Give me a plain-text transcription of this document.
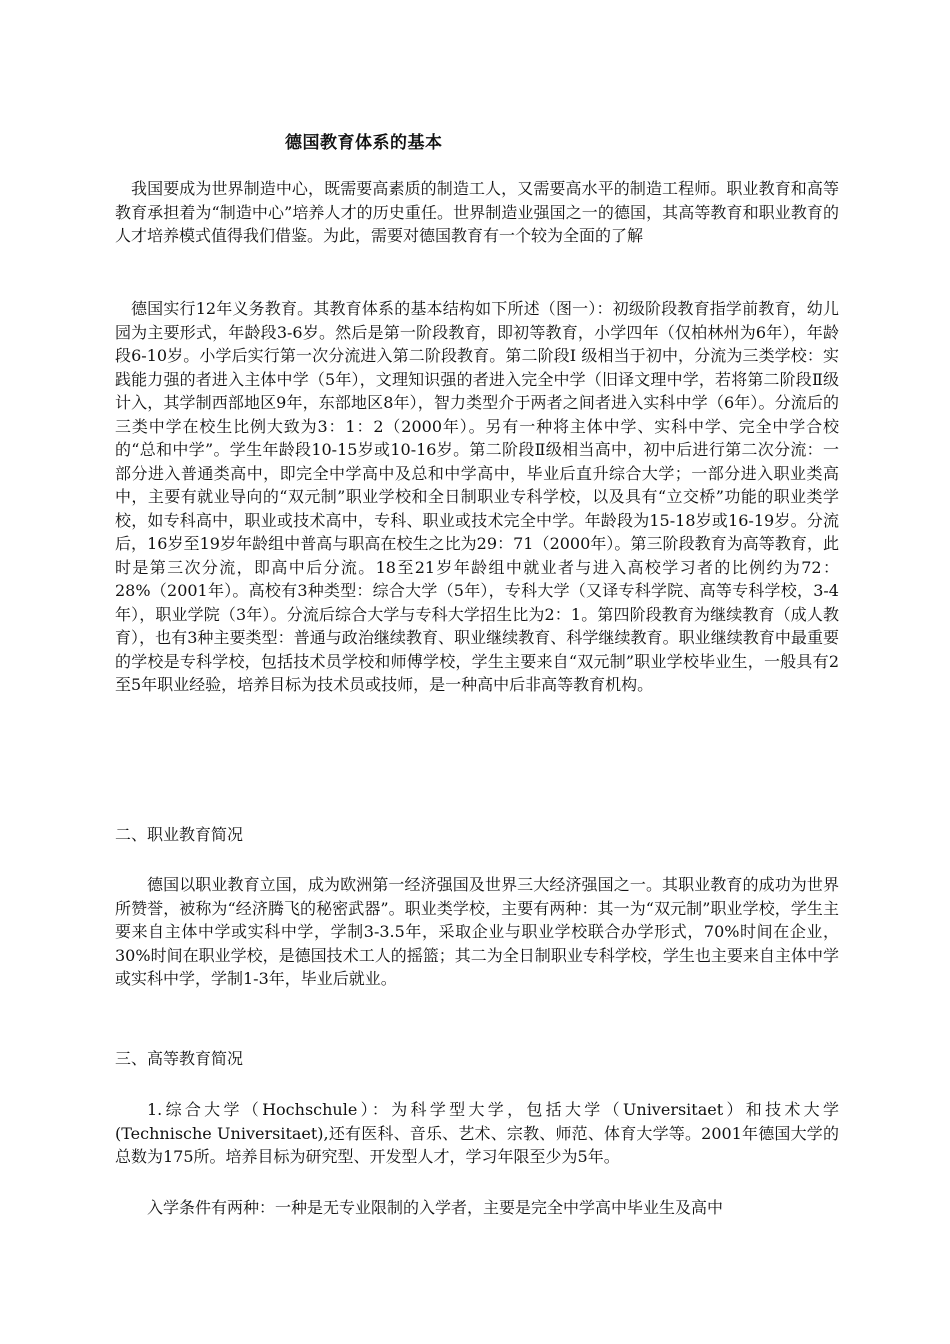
德国教育体系的基本

我国要成为世界制造中心，既需要高素质的制造工人，又需要高水平的制造工程师。职业教育和高等教育承担着为“制造中心”培养人才的历史重任。世界制造业强国之一的德国，其高等教育和职业教育的人才培养模式值得我们借鉴。为此，需要对德国教育有一个较为全面的了解

德国实行12年义务教育。其教育体系的基本结构如下所述（图一）：初级阶段教育指学前教育，幼儿园为主要形式，年龄段3-6岁。然后是第一阶段教育，即初等教育，小学四年（仅柏林州为6年），年龄段6-10岁。小学后实行第一次分流进入第二阶段教育。第二阶段Ⅰ 级相当于初中，分流为三类学校：实践能力强的者进入主体中学（5年），文理知识强的者进入完全中学（旧译文理中学，若将第二阶段Ⅱ级计入，其学制西部地区9年，东部地区8年），智力类型介于两者之间者进入实科中学（6年）。分流后的三类中学在校生比例大致为3：1：2（2000年）。另有一种将主体中学、实科中学、完全中学合校的“总和中学”。学生年龄段10-15岁或10-16岁。第二阶段Ⅱ级相当高中，初中后进行第二次分流：一部分进入普通类高中，即完全中学高中及总和中学高中，毕业后直升综合大学；一部分进入职业类高中，主要有就业导向的“双元制”职业学校和全日制职业专科学校，以及具有“立交桥”功能的职业类学校，如专科高中，职业或技术高中，专科、职业或技术完全中学。年龄段为15-18岁或16-19岁。分流后，16岁至19岁年龄组中普高与职高在校生之比为29：71（2000年）。第三阶段教育为高等教育，此时是第三次分流，即高中后分流。18至21岁年龄组中就业者与进入高校学习者的比例约为72：28%（2001年）。高校有3种类型：综合大学（5年），专科大学（又译专科学院、高等专科学校，3-4年），职业学院（3年）。分流后综合大学与专科大学招生比为2：1。第四阶段教育为继续教育（成人教育），也有3种主要类型：普通与政治继续教育、职业继续教育、科学继续教育。职业继续教育中最重要的学校是专科学校，包括技术员学校和师傅学校，学生主要来自“双元制”职业学校毕业生，一般具有2至5年职业经验，培养目标为技术员或技师，是一种高中后非高等教育机构。

二、职业教育简况

德国以职业教育立国，成为欧洲第一经济强国及世界三大经济强国之一。其职业教育的成功为世界所赞誉，被称为“经济腾飞的秘密武器”。职业类学校，主要有两种：其一为“双元制”职业学校，学生主要来自主体中学或实科中学，学制3-3.5年，采取企业与职业学校联合办学形式，70%时间在企业，30%时间在职业学校，是德国技术工人的摇篮；其二为全日制职业专科学校，学生也主要来自主体中学或实科中学，学制1-3年，毕业后就业。

三、高等教育简况

1.综合大学（Hochschule）：为科学型大学，包括大学（Universitaet）和技术大学(Technische Universitaet),还有医科、音乐、艺术、宗教、师范、体育大学等。2001年德国大学的总数为175所。培养目标为研究型、开发型人才，学习年限至少为5年。

入学条件有两种：一种是无专业限制的入学者，主要是完全中学高中毕业生及高中
